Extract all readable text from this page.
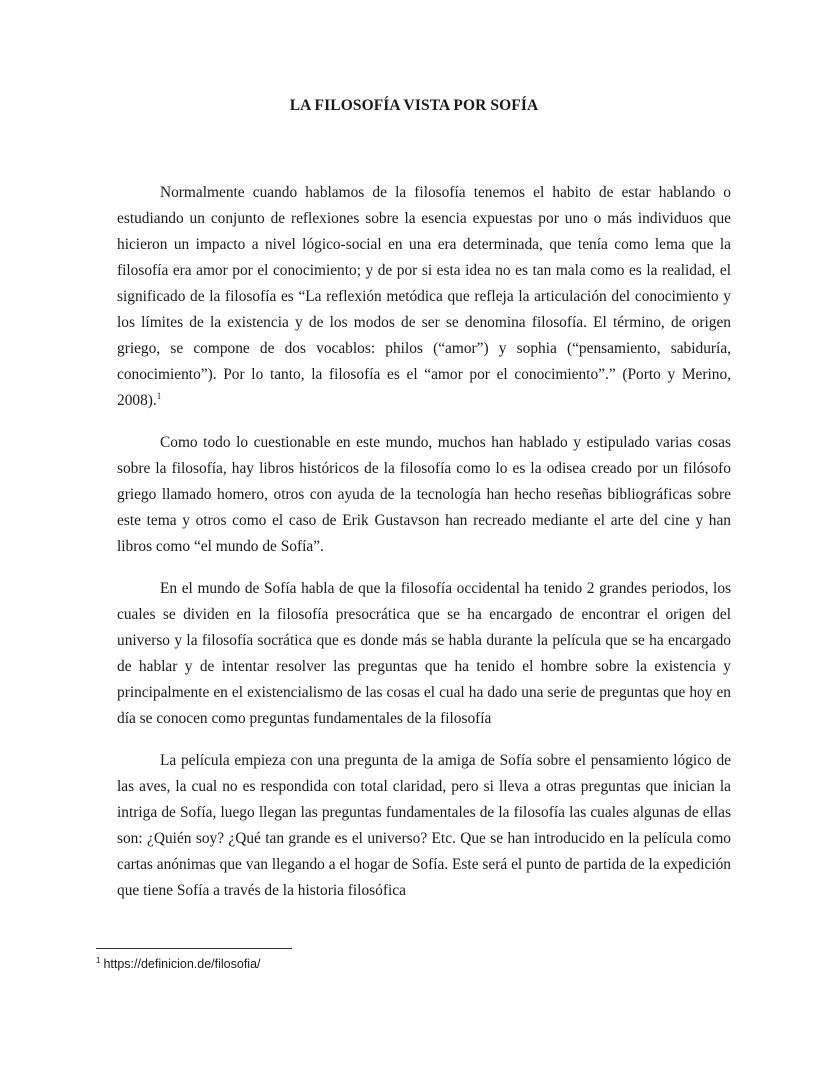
LA FILOSOFÍA VISTA POR SOFÍA

Normalmente cuando hablamos de la filosofía tenemos el habito de estar hablando o estudiando un conjunto de reflexiones sobre la esencia expuestas por uno o más individuos que hicieron un impacto a nivel lógico-social en una era determinada, que tenía como lema que la filosofía era amor por el conocimiento; y de por si esta idea no es tan mala como es la realidad, el significado de la filosofía es “La reflexión metódica que refleja la articulación del conocimiento y los límites de la existencia y de los modos de ser se denomina filosofía. El término, de origen griego, se compone de dos vocablos: philos (“amor”) y sophia (“pensamiento, sabiduría, conocimiento”). Por lo tanto, la filosofía es el “amor por el conocimiento”.” (Porto y Merino, 2008).$^1$

Como todo lo cuestionable en este mundo, muchos han hablado y estipulado varias cosas sobre la filosofía, hay libros históricos de la filosofía como lo es la odisea creado por un filósofo griego llamado homero, otros con ayuda de la tecnología han hecho reseñas bibliográficas sobre este tema y otros como el caso de Erik Gustavson han recreado mediante el arte del cine y han libros como “el mundo de Sofía”.

En el mundo de Sofía habla de que la filosofía occidental ha tenido 2 grandes periodos, los cuales se dividen en la filosofía presocrática que se ha encargado de encontrar el origen del universo y la filosofía socrática que es donde más se habla durante la película que se ha encargado de hablar y de intentar resolver las preguntas que ha tenido el hombre sobre la existencia y principalmente en el existencialismo de las cosas el cual ha dado una serie de preguntas que hoy en día se conocen como preguntas fundamentales de la filosofía

La película empieza con una pregunta de la amiga de Sofía sobre el pensamiento lógico de las aves, la cual no es respondida con total claridad, pero si lleva a otras preguntas que inician la intriga de Sofía, luego llegan las preguntas fundamentales de la filosofía las cuales algunas de ellas son: ¿Quién soy? ¿Qué tan grande es el universo? Etc. Que se han introducido en la película como cartas anónimas que van llegando a el hogar de Sofía. Este será el punto de partida de la expedición que tiene Sofía a través de la historia filosófica

$^1$ https://definicion.de/filosofia/
